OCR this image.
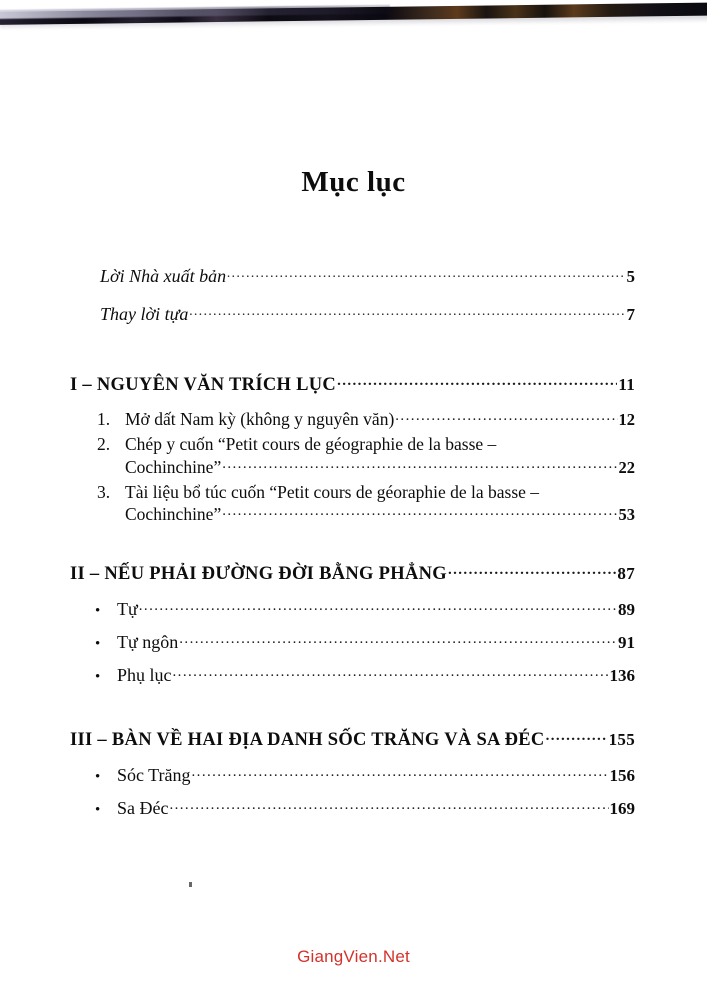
Mục lục
Lời Nhà xuất bản .....	5
Thay lời tựa .....	7
I – NGUYÊN VĂN TRÍCH LỤC .....	11
1. Mở dất Nam kỳ (không y nguyên văn) .....	12
2. Chép y cuốn “Petit cours de géographie de la basse –
Cochinchine” .....	22
3. Tài liệu bổ túc cuốn “Petit cours de géoraphie de la basse –
Cochinchine” .....	53
II – NẾU PHẢI ĐƯỜNG ĐỜI BẰNG PHẲNG .....	87
• Tự .....	89
• Tự ngôn .....	91
• Phụ lục .....	136
III – BÀN VỀ HAI ĐỊA DANH SỐC TRĂNG VÀ SA ĐÉC .....	155
• Sóc Trăng .....	156
• Sa Đéc .....	169
GiangVien.Net
